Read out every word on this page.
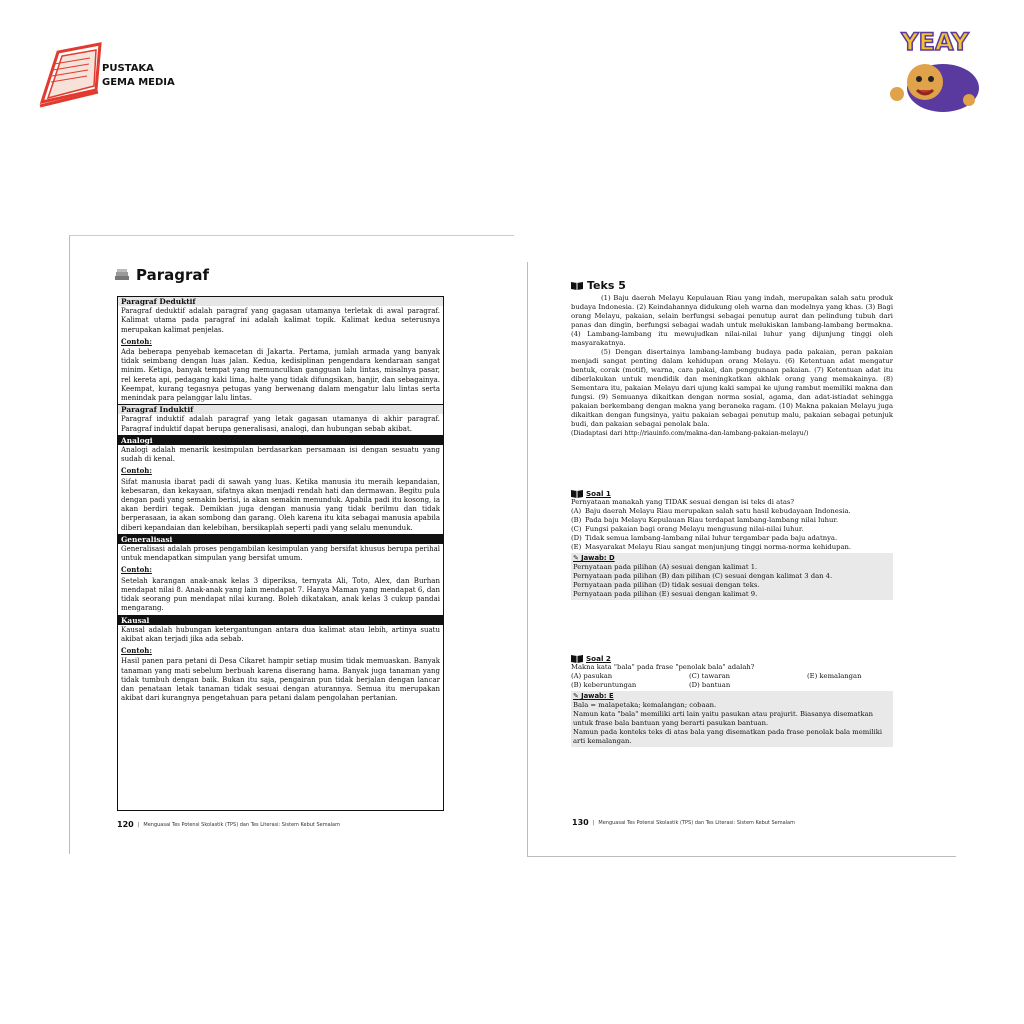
PUSTAKA
GEMA MEDIA
YEAY
Paragraf
Paragraf Deduktif
Paragraf deduktif adalah paragraf yang gagasan utamanya terletak di awal paragraf. Kalimat utama pada paragraf ini adalah kalimat topik. Kalimat kedua seterusnya merupakan kalimat penjelas.
Contoh:
Ada beberapa penyebab kemacetan di Jakarta. Pertama, jumlah armada yang banyak tidak seimbang dengan luas jalan. Kedua, kedisiplinan pengendara kendaraan sangat minim. Ketiga, banyak tempat yang memunculkan gangguan lalu lintas, misalnya pasar, rel kereta api, pedagang kaki lima, halte yang tidak difungsikan, banjir, dan sebagainya. Keempat, kurang tegasnya petugas yang berwenang dalam mengatur lalu lintas serta menindak para pelanggar lalu lintas.
Paragraf Induktif
Paragraf induktif adalah paragraf yang letak gagasan utamanya di akhir paragraf. Paragraf induktif dapat berupa generalisasi, analogi, dan hubungan sebab akibat.
Analogi
Analogi adalah menarik kesimpulan berdasarkan persamaan isi dengan sesuatu yang sudah di kenal.
Contoh:
Sifat manusia ibarat padi di sawah yang luas. Ketika manusia itu meraih kepandaian, kebesaran, dan kekayaan, sifatnya akan menjadi rendah hati dan dermawan. Begitu pula dengan padi yang semakin berisi, ia akan semakin menunduk. Apabila padi itu kosong, ia akan berdiri tegak. Demikian juga dengan manusia yang tidak berilmu dan tidak berperasaan, ia akan sombong dan garang. Oleh karena itu kita sebagai manusia apabila diberi kepandaian dan kelebihan, bersikaplah seperti padi yang selalu menunduk.
Generalisasi
Generalisasi adalah proses pengambilan kesimpulan yang bersifat khusus berupa perihal untuk mendapatkan simpulan yang bersifat umum.
Contoh:
Setelah karangan anak-anak kelas 3 diperiksa, ternyata Ali, Toto, Alex, dan Burhan mendapat nilai 8. Anak-anak yang lain mendapat 7. Hanya Maman yang mendapat 6, dan tidak seorang pun mendapat nilai kurang. Boleh dikatakan, anak kelas 3 cukup pandai mengarang.
Kausal
Kausal adalah hubungan ketergantungan antara dua kalimat atau lebih, artinya suatu akibat akan terjadi jika ada sebab.
Contoh:
Hasil panen para petani di Desa Cikaret hampir setiap musim tidak memuaskan. Banyak tanaman yang mati sebelum berbuah karena diserang hama. Banyak juga tanaman yang tidak tumbuh dengan baik. Bukan itu saja, pengairan pun tidak berjalan dengan lancar dan penataan letak tanaman tidak sesuai dengan aturannya. Semua itu merupakan akibat dari kurangnya pengetahuan para petani dalam pengolahan pertanian.
120 | Menguasai Tes Potensi Skolastik (TPS) dan Tes Literasi: Sistem Kebut Semalam
Teks 5

(1) Baju daerah Melayu Kepulauan Riau yang indah, merupakan salah satu produk budaya Indonesia. (2) Keindahannya didukung oleh warna dan modelnya yang khas. (3) Bagi orang Melayu, pakaian, selain berfungsi sebagai penutup aurat dan pelindung tubuh dari panas dan dingin, berfungsi sebagai wadah untuk melukiskan lambang-lambang bermakna. (4) Lambang-lambang itu mewujudkan nilai-nilai luhur yang dijunjung tinggi oleh masyarakatnya.

(5) Dengan disertainya lambang-lambang budaya pada pakaian, peran pakaian menjadi sangat penting dalam kehidupan orang Melayu. (6) Ketentuan adat mengatur bentuk, corak (motif), warna, cara pakai, dan penggunaan pakaian. (7) Ketentuan adat itu diberlakukan untuk mendidik dan meningkatkan akhlak orang yang memakainya. (8) Sementara itu, pakaian Melayu dari ujung kaki sampai ke ujung rambut memiliki makna dan fungsi. (9) Semuanya dikaitkan dengan norma sosial, agama, dan adat-istiadat sehingga pakaian berkembang dengan makna yang beraneka ragam. (10) Makna pakaian Melayu juga dikaitkan dengan fungsinya, yaitu pakaian sebagai penutup malu, pakaian sebagai petunjuk budi, dan pakaian sebagai penolak bala.

(Diadaptasi dari http://riauinfo.com/makna-dan-lambang-pakaian-melayu/)
Soal 1
Pernyataan manakah yang TIDAK sesuai dengan isi teks di atas?
(A) Baju daerah Melayu Riau merupakan salah satu hasil kebudayaan Indonesia.
(B) Pada baju Melayu Kepulauan Riau terdapat lambang-lambang nilai luhur.
(C) Fungsi pakaian bagi orang Melayu mengusung nilai-nilai luhur.
(D) Tidak semua lambang-lambang nilai luhur tergambar pada baju adatnya.
(E) Masyarakat Melayu Riau sangat menjunjung tinggi norma-norma kehidupan.
✎ Jawab: D
Pernyataan pada pilihan (A) sesuai dengan kalimat 1.
Pernyataan pada pilihan (B) dan pilihan (C) sesuai dengan kalimat 3 dan 4.
Pernyataan pada pilihan (D) tidak sesuai dengan teks.
Pernyataan pada pilihan (E) sesuai dengan kalimat 9.
Soal 2
Makna kata "bala" pada frase "penolak bala" adalah?
(A) pasukan	(C) tawaran	(E) kemalangan
(B) keberuntungan	(D) bantuan
✎ Jawab: E
Bala = malapetaka; kemalangan; cobaan.
Namun kata "bala" memiliki arti lain yaitu pasukan atau prajurit. Biasanya disematkan untuk frase bala bantuan yang berarti pasukan bantuan.
Namun pada konteks teks di atas bala yang disematkan pada frase penolak bala memiliki arti kemalangan.
130 | Menguasai Tes Potensi Skolastik (TPS) dan Tes Literasi: Sistem Kebut Semalam
